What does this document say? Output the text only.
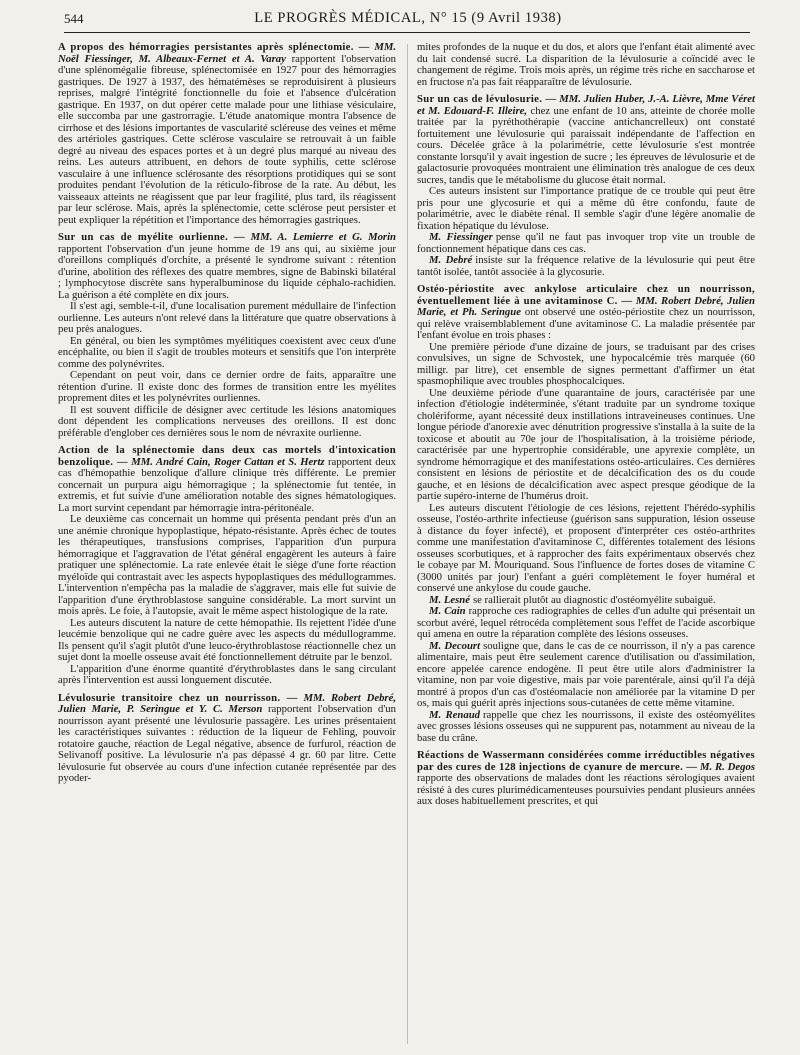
544	LE PROGRÈS MÉDICAL, N° 15 (9 Avril 1938)

A propos des hémorragies persistantes après splénectomie. — MM. Noël Fiessinger, M. Albeaux-Fernet et A. Varay rapportent l'observation d'une splénomégalie fibreuse, splénectomisée en 1927 pour des hémorragies gastriques. De 1927 à 1937, des hématémèses se reproduisirent à plusieurs reprises, malgré l'intégrité fonctionnelle du foie et l'absence d'ulcération gastrique. En 1937, on dut opérer cette malade pour une lithiase vésiculaire, elle succomba par une gastrorragie. L'étude anatomique montra l'absence de cirrhose et des lésions importantes de vascularité scléreuse des veines et même des artérioles gastriques. Cette sclérose vasculaire se retrouvait à un faible degré au niveau des espaces portes et à un degré plus marqué au niveau des reins. Les auteurs attribuent, en dehors de toute syphilis, cette sclérose vasculaire à une influence sclérosante des résorptions protidiques qui se sont produites pendant l'évolution de la réticulo-fibrose de la rate. Au début, les vaisseaux atteints ne réagissent que par leur fragilité, plus tard, ils réagissent par leur sclérose. Mais, après la splénectomie, cette sclérose peut persister et peut expliquer la répétition et l'importance des hémorragies gastriques.

Sur un cas de myélite ourlienne. — MM. A. Lemierre et G. Morin rapportent l'observation d'un jeune homme de 19 ans qui, au sixième jour d'oreillons compliqués d'orchite, a présenté le syndrome suivant : rétention d'urine, abolition des réflexes des quatre membres, signe de Babinski bilatéral ; lymphocytose discrète sans hyperalbuminose du liquide céphalo-rachidien. La guérison a été complète en dix jours.

Il s'est agi, semble-t-il, d'une localisation purement médullaire de l'infection ourlienne. Les auteurs n'ont relevé dans la littérature que quatre observations à peu près analogues.

En général, ou bien les symptômes myélitiques coexistent avec ceux d'une encéphalite, ou bien il s'agit de troubles moteurs et sensitifs que l'on interprète comme des polynévrites.

Cependant on peut voir, dans ce dernier ordre de faits, apparaître une rétention d'urine. Il existe donc des formes de transition entre les myélites proprement dites et les polynévrites ourliennes.

Il est souvent difficile de désigner avec certitude les lésions anatomiques dont dépendent les complications nerveuses des oreillons. Il est donc préférable d'englober ces dernières sous le nom de névraxite ourlienne.

Action de la splénectomie dans deux cas mortels d'intoxication benzolique. — MM. André Cain, Roger Cattan et S. Hertz rapportent deux cas d'hémopathie benzolique d'allure clinique très différente. Le premier concernait un purpura aigu hémorragique ; la splénectomie fut tentée, in extremis, et fut suivie d'une amélioration notable des signes hématologiques. La mort survint cependant par hémorragie intra-péritonéale.

Le deuxième cas concernait un homme qui présenta pendant près d'un an une anémie chronique hypoplastique, hépato-résistante. Après échec de toutes les thérapeutiques, transfusions comprises, l'apparition d'un purpura hémorragique et l'aggravation de l'état général engagèrent les auteurs à faire pratiquer une splénectomie. La rate enlevée était le siège d'une forte réaction myéloïde qui contrastait avec les aspects hypoplastiques des médullogrammes. L'intervention n'empêcha pas la maladie de s'aggraver, mais elle fut suivie de l'apparition d'une érythroblastose sanguine considérable. La mort survint un mois après. Le foie, à l'autopsie, avait le même aspect histologique de la rate.

Les auteurs discutent la nature de cette hémopathie. Ils rejettent l'idée d'une leucémie benzolique qui ne cadre guère avec les aspects du médullogramme. Ils pensent qu'il s'agit plutôt d'une leuco-érythroblastose réactionnelle chez un sujet dont la moelle osseuse avait été fonctionnellement détruite par le benzol.

L'apparition d'une énorme quantité d'érythroblastes dans le sang circulant après l'intervention est aussi longuement discutée.

Lévulosurie transitoire chez un nourrisson. — MM. Robert Debré, Julien Marie, P. Seringue et Y. C. Merson rapportent l'observation d'un nourrisson ayant présenté une lévulosurie passagère. Les urines présentaient les caractéristiques suivantes : réduction de la liqueur de Fehling, pouvoir rotatoire gauche, réaction de Legal négative, absence de furfurol, réaction de Selivanoff positive. La lévulosurie n'a pas dépassé 4 gr. 60 par litre. Cette lévulosurie fut observée au cours d'une infection cutanée représentée par des pyoder-

mites profondes de la nuque et du dos, et alors que l'enfant était alimenté avec du lait condensé sucré. La disparition de la lévulosurie a coïncidé avec le changement de régime. Trois mois après, un régime très riche en saccharose et en fructose n'a pas fait réapparaître de lévulosurie.

Sur un cas de lévulosurie. — MM. Julien Huber, J.-A. Lièvre, Mme Véret et M. Edouard-F. Illeire, chez une enfant de 10 ans, atteinte de chorée molle traitée par la pyréthothérapie (vaccine antichancrelleux) ont constaté fortuitement une lévulosurie qui paraissait indépendante de l'affection en cours. Décelée grâce à la polarimétrie, cette lévulosurie s'est montrée constante lorsqu'il y avait ingestion de sucre ; les épreuves de lévulosurie et de galactosurie provoquées montraient une élimination très analogue de ces deux sucres, tandis que le métabolisme du glucose était normal.

Ces auteurs insistent sur l'importance pratique de ce trouble qui peut être pris pour une glycosurie et qui a même dû être confondu, faute de polarimétrie, avec le diabète rénal. Il semble s'agir d'une légère anomalie de fixation hépatique du lévulose.

M. Fiessinger pense qu'il ne faut pas invoquer trop vite un trouble de fonctionnement hépatique dans ces cas.

M. Debré insiste sur la fréquence relative de la lévulosurie qui peut être tantôt isolée, tantôt associée à la glycosurie.

Ostéo-périostite avec ankylose articulaire chez un nourrisson, éventuellement liée à une avitaminose C. — MM. Robert Debré, Julien Marie, et Ph. Seringue ont observé une ostéo-périostite chez un nourrisson, qui relève vraisemblablement d'une avitaminose C. La maladie présentée par l'enfant évolue en trois phases :

Une première période d'une dizaine de jours, se traduisant par des crises convulsives, un signe de Schvostek, une hypocalcémie très marquée (60 milligr. par litre), cet ensemble de signes permettant d'affirmer un état spasmophilique avec troubles phosphocalciques.

Une deuxième période d'une quarantaine de jours, caractérisée par une infection d'étiologie indéterminée, s'étant traduite par un syndrome toxique cholériforme, ayant nécessité deux instillations intraveineuses continues. Une longue période d'anorexie avec dénutrition progressive s'installa à la suite de la toxicose et aboutit au 70e jour de l'hospitalisation, à la troisième période, caractérisée par une hypertrophie considérable, une apyrexie complète, un syndrome hémorragique et des manifestations ostéo-articulaires. Ces dernières consistent en lésions de périostite et de décalcification des os du coude gauche, et en lésions de décalcification avec aspect presque géodique de la partie supéro-interne de l'humérus droit.

Les auteurs discutent l'étiologie de ces lésions, rejettent l'hérédo-syphilis osseuse, l'ostéo-arthrite infectieuse (guérison sans suppuration, lésion osseuse à distance du foyer infecté), et proposent d'interpréter ces ostéo-arthrites comme une manifestation d'avitaminose C, différentes totalement des lésions osseuses scorbutiques, et à rapprocher des faits expérimentaux observés chez le cobaye par M. Mouriquand. Sous l'influence de fortes doses de vitamine C (3000 unités par jour) l'enfant a guéri complètement le foyer huméral et conservé une ankylose du coude gauche.

M. Lesné se rallierait plutôt au diagnostic d'ostéomyélite subaiguë.

M. Cain rapproche ces radiographies de celles d'un adulte qui présentait un scorbut avéré, lequel rétrocéda complètement sous l'effet de l'acide ascorbique qui amena en outre la réparation complète des lésions osseuses.

M. Decourt souligne que, dans le cas de ce nourrisson, il n'y a pas carence alimentaire, mais peut être seulement carence d'utilisation ou d'assimilation, encore appelée carence endogène. Il peut être utile alors d'administrer la vitamine, non par voie digestive, mais par voie parentérale, ainsi qu'il l'a déjà montré à propos d'un cas d'ostéomalacie non améliorée par la vitamine D per os, mais qui guérit après injections sous-cutanées de cette même vitamine.

M. Renaud rappelle que chez les nourrissons, il existe des ostéomyélites avec grosses lésions osseuses qui ne suppurent pas, notamment au niveau de la base du crâne.

Réactions de Wassermann considérées comme irréductibles négatives par des cures de 128 injections de cyanure de mercure. — M. R. Degos rapporte des observations de malades dont les réactions sérologiques avaient résisté à des cures plurimédicamenteuses poursuivies pendant plusieurs années aux doses habituellement prescrites, et qui
